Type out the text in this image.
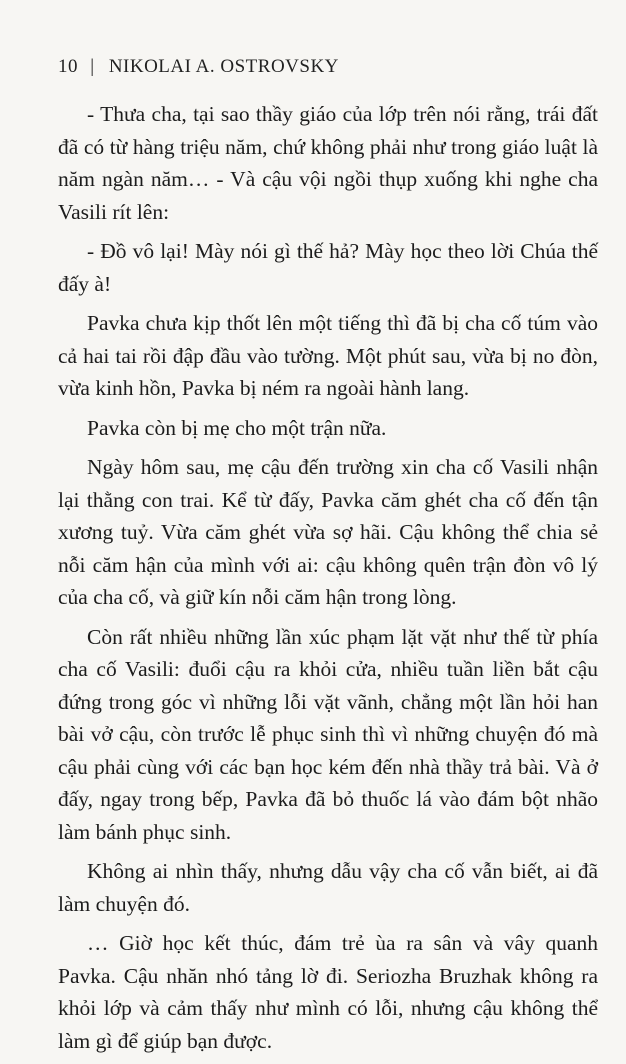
10 | NIKOLAI A. OSTROVSKY

- Thưa cha, tại sao thầy giáo của lớp trên nói rằng, trái đất đã có từ hàng triệu năm, chứ không phải như trong giáo luật là năm ngàn năm… - Và cậu vội ngồi thụp xuống khi nghe cha Vasili rít lên:

- Đồ vô lại! Mày nói gì thế hả? Mày học theo lời Chúa thế đấy à!

Pavka chưa kịp thốt lên một tiếng thì đã bị cha cố túm vào cả hai tai rồi đập đầu vào tường. Một phút sau, vừa bị no đòn, vừa kinh hồn, Pavka bị ném ra ngoài hành lang.

Pavka còn bị mẹ cho một trận nữa.

Ngày hôm sau, mẹ cậu đến trường xin cha cố Vasili nhận lại thằng con trai. Kể từ đấy, Pavka căm ghét cha cố đến tận xương tuỷ. Vừa căm ghét vừa sợ hãi. Cậu không thể chia sẻ nỗi căm hận của mình với ai: cậu không quên trận đòn vô lý của cha cố, và giữ kín nỗi căm hận trong lòng.

Còn rất nhiều những lần xúc phạm lặt vặt như thế từ phía cha cố Vasili: đuổi cậu ra khỏi cửa, nhiều tuần liền bắt cậu đứng trong góc vì những lỗi vặt vãnh, chẳng một lần hỏi han bài vở cậu, còn trước lễ phục sinh thì vì những chuyện đó mà cậu phải cùng với các bạn học kém đến nhà thầy trả bài. Và ở đấy, ngay trong bếp, Pavka đã bỏ thuốc lá vào đám bột nhão làm bánh phục sinh.

Không ai nhìn thấy, nhưng dẫu vậy cha cố vẫn biết, ai đã làm chuyện đó.

… Giờ học kết thúc, đám trẻ ùa ra sân và vây quanh Pavka. Cậu nhăn nhó tảng lờ đi. Seriozha Bruzhak không ra khỏi lớp và cảm thấy như mình có lỗi, nhưng cậu không thể làm gì để giúp bạn được.
